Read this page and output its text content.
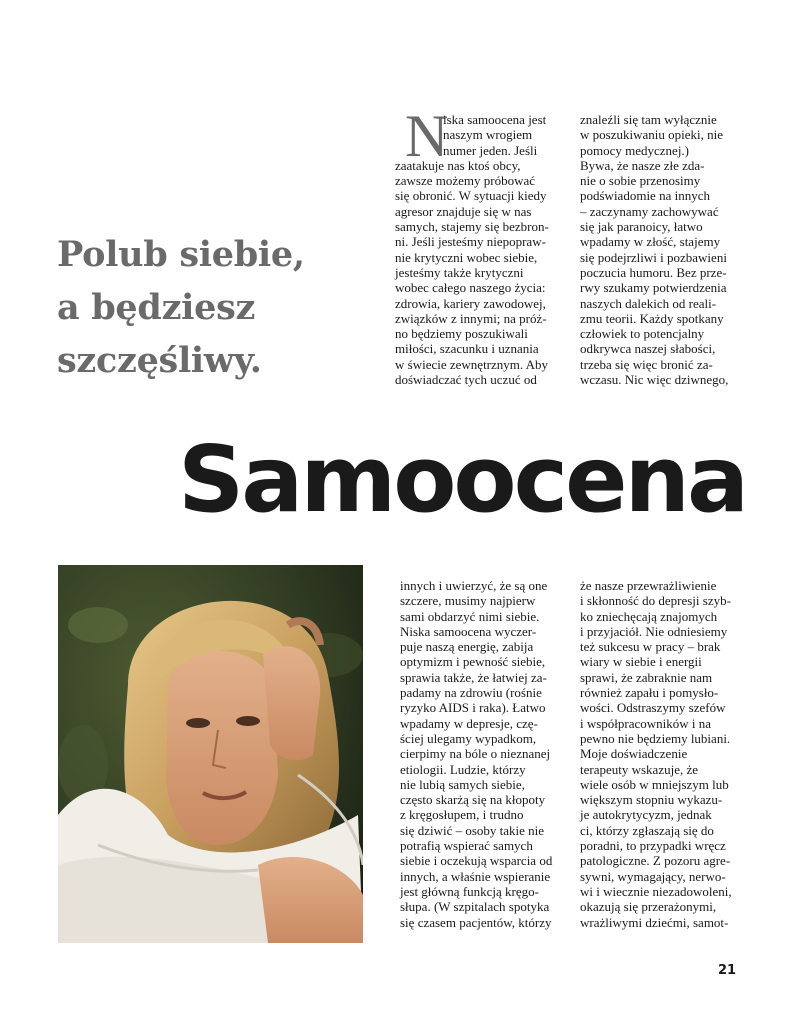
Polub siebie,
a będziesz
szczęśliwy.
N
iska samoocena jest
naszym wrogiem
numer jeden. Jeśli
zaatakuje nas ktoś obcy,
zawsze możemy próbować
się obronić. W sytuacji kiedy
agresor znajduje się w nas
samych, stajemy się bezbron-
ni. Jeśli jesteśmy niepopraw-
nie krytyczni wobec siebie,
jesteśmy także krytyczni
wobec całego naszego życia:
zdrowia, kariery zawodowej,
związków z innymi; na próż-
no będziemy poszukiwali
miłości, szacunku i uznania
w świecie zewnętrznym. Aby
doświadczać tych uczuć od
znaleźli się tam wyłącznie
w poszukiwaniu opieki, nie
pomocy medycznej.)
Bywa, że nasze złe zda-
nie o sobie przenosimy
podświadomie na innych
– zaczynamy zachowywać
się jak paranoicy, łatwo
wpadamy w złość, stajemy
się podejrzliwi i pozbawieni
poczucia humoru. Bez prze-
rwy szukamy potwierdzenia
naszych dalekich od reali-
zmu teorii. Każdy spotkany
człowiek to potencjalny
odkrywca naszej słabości,
trzeba się więc bronić za-
wczasu. Nic więc dziwnego,
Samoocena
innych i uwierzyć, że są one
szczere, musimy najpierw
sami obdarzyć nimi siebie.
Niska samoocena wyczer-
puje naszą energię, zabija
optymizm i pewność siebie,
sprawia także, że łatwiej za-
padamy na zdrowiu (rośnie
ryzyko AIDS i raka). Łatwo
wpadamy w depresje, czę-
ściej ulegamy wypadkom,
cierpimy na bóle o nieznanej
etiologii. Ludzie, którzy
nie lubią samych siebie,
często skarżą się na kłopoty
z kręgosłupem, i trudno
się dziwić – osoby takie nie
potrafią wspierać samych
siebie i oczekują wsparcia od
innych, a właśnie wspieranie
jest główną funkcją kręgo-
słupa. (W szpitalach spotyka
się czasem pacjentów, którzy
że nasze przewrażliwienie
i skłonność do depresji szyb-
ko zniechęcają znajomych
i przyjaciół. Nie odniesiemy
też sukcesu w pracy – brak
wiary w siebie i energii
sprawi, że zabraknie nam
również zapału i pomysło-
wości. Odstraszymy szefów
i współpracowników i na
pewno nie będziemy lubiani.
Moje doświadczenie
terapeuty wskazuje, że
wiele osób w mniejszym lub
większym stopniu wykazu-
je autokrytycyzm, jednak
ci, którzy zgłaszają się do
poradni, to przypadki wręcz
patologiczne. Z pozoru agre-
sywni, wymagający, nerwo-
wi i wiecznie niezadowoleni,
okazują się przerażonymi,
wrażliwymi dziećmi, samot-
21
